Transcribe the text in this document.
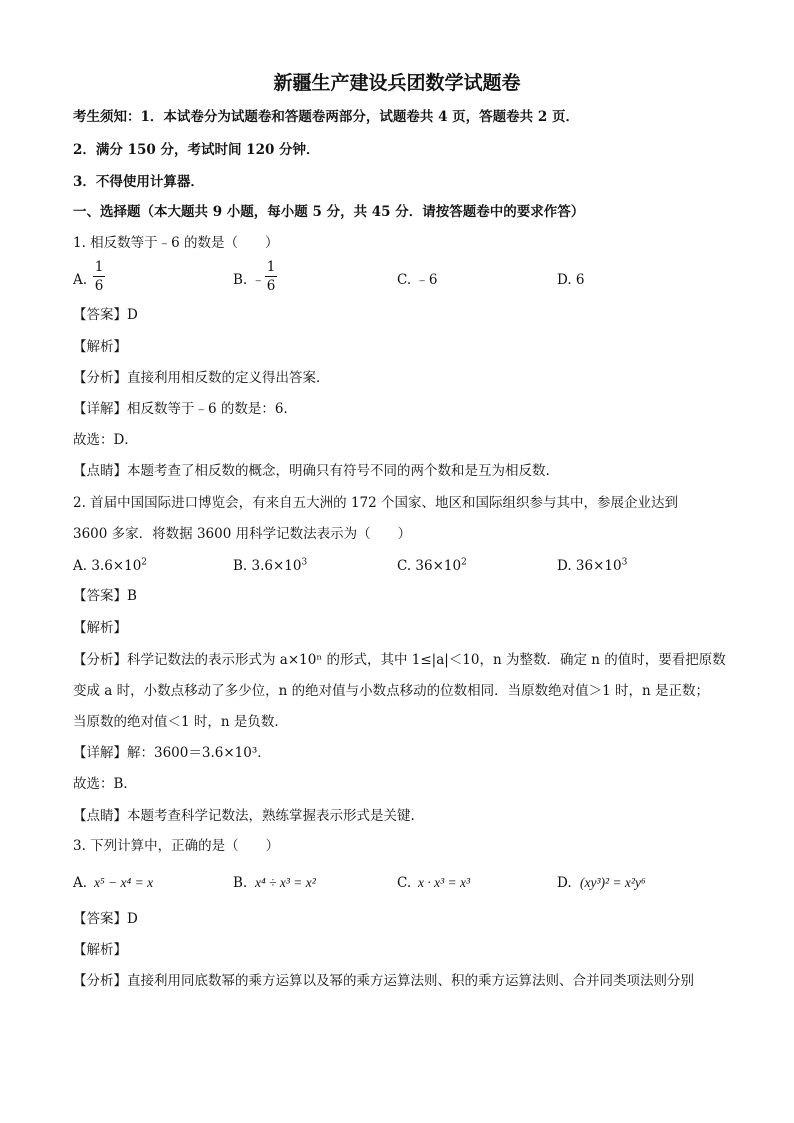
新疆生产建设兵团数学试题卷
考生须知：1．本试卷分为试题卷和答题卷两部分，试题卷共 4 页，答题卷共 2 页．
2．满分 150 分，考试时间 120 分钟．
3．不得使用计算器．
一、选择题（本大题共 9 小题，每小题 5 分，共 45 分．请按答题卷中的要求作答）
1. 相反数等于﹣6 的数是（　　）
A.
1
6	B. ﹣
1
6	C. ﹣6	D. 6
【答案】D
【解析】
【分析】直接利用相反数的定义得出答案．
【详解】相反数等于﹣6 的数是：6．
故选：D．
【点睛】本题考查了相反数的概念，明确只有符号不同的两个数和是互为相反数.
2. 首届中国国际进口博览会，有来自五大洲的 172 个国家、地区和国际组织参与其中，参展企业达到
3600 多家．将数据 3600 用科学记数法表示为（　　）
A. $3.6\times 10^2$	B. $3.6\times 10^3$	C. $36\times 10^2$	D. $36\times 10^3$
【答案】B
【解析】
【分析】科学记数法的表示形式为 a×10ⁿ 的形式，其中 1≤|a|＜10，n 为整数．确定 n 的值时，要看把原数
变成 a 时，小数点移动了多少位，n 的绝对值与小数点移动的位数相同．当原数绝对值＞1 时，n 是正数；
当原数的绝对值＜1 时，n 是负数．
【详解】解：3600＝3.6×10³．
故选：B．
【点睛】本题考查科学记数法，熟练掌握表示形式是关键.
3. 下列计算中，正确的是（　　）
A. x⁵ − x⁴ = x	B. x⁴ ÷ x³ = x²	C. x · x³ = x³	D. (xy³)² = x²y⁶
【答案】D
【解析】
【分析】直接利用同底数幂的乘方运算以及幂的乘方运算法则、积的乘方运算法则、合并同类项法则分别
